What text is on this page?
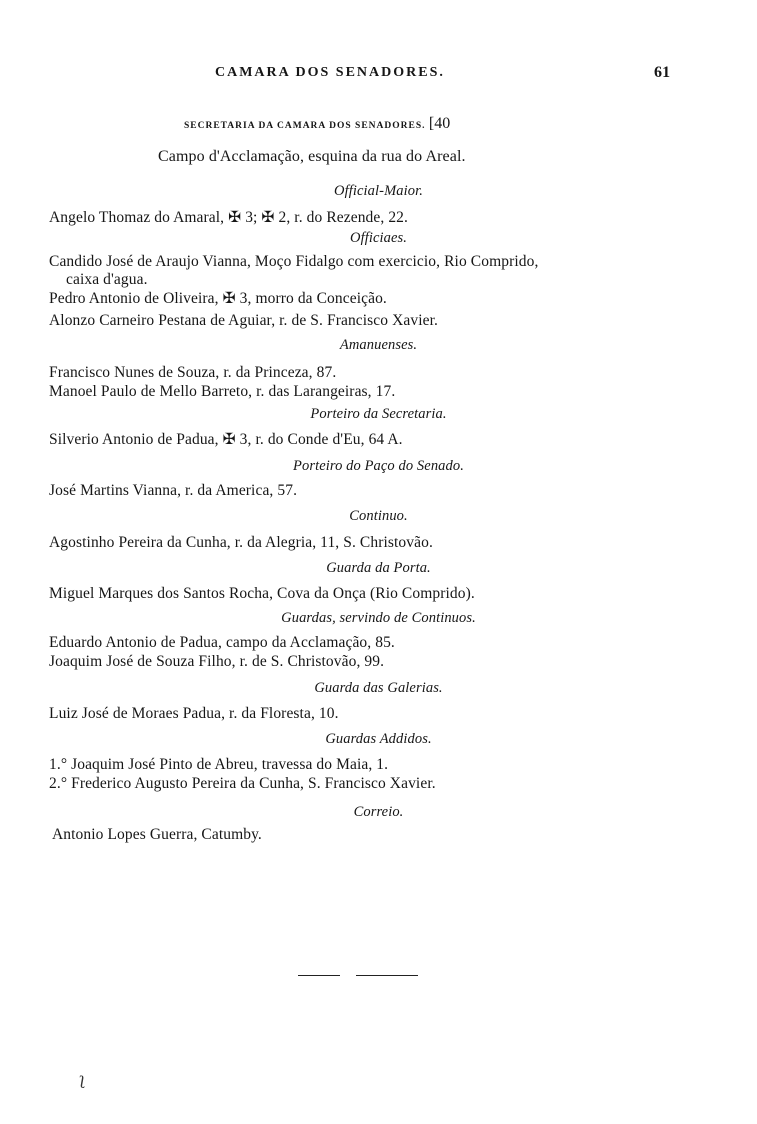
CAMARA DOS SENADORES.	61
SECRETARIA DA CAMARA DOS SENADORES. [40
Campo d'Acclamação, esquina da rua do Areal.
Official-Maior.
Angelo Thomaz do Amaral, ✠ 3; ✠ 2, r. do Rezende, 22.
Officiaes.
Candido José de Araujo Vianna, Moço Fidalgo com exercicio, Rio Comprido,
caixa d'agua.
Pedro Antonio de Oliveira, ✠ 3, morro da Conceição.
Alonzo Carneiro Pestana de Aguiar, r. de S. Francisco Xavier.
Amanuenses.
Francisco Nunes de Souza, r. da Princeza, 87.
Manoel Paulo de Mello Barreto, r. das Larangeiras, 17.
Porteiro da Secretaria.
Silverio Antonio de Padua, ✠ 3, r. do Conde d'Eu, 64 A.
Porteiro do Paço do Senado.
José Martins Vianna, r. da America, 57.
Continuo.
Agostinho Pereira da Cunha, r. da Alegria, 11, S. Christovão.
Guarda da Porta.
Miguel Marques dos Santos Rocha, Cova da Onça (Rio Comprido).
Guardas, servindo de Continuos.
Eduardo Antonio de Padua, campo da Acclamação, 85.
Joaquim José de Souza Filho, r. de S. Christovão, 99.
Guarda das Galerias.
Luiz José de Moraes Padua, r. da Floresta, 10.
Guardas Addidos.
1.° Joaquim José Pinto de Abreu, travessa do Maia, 1.
2.° Frederico Augusto Pereira da Cunha, S. Francisco Xavier.
Correio.
Antonio Lopes Guerra, Catumby.
ʅ
